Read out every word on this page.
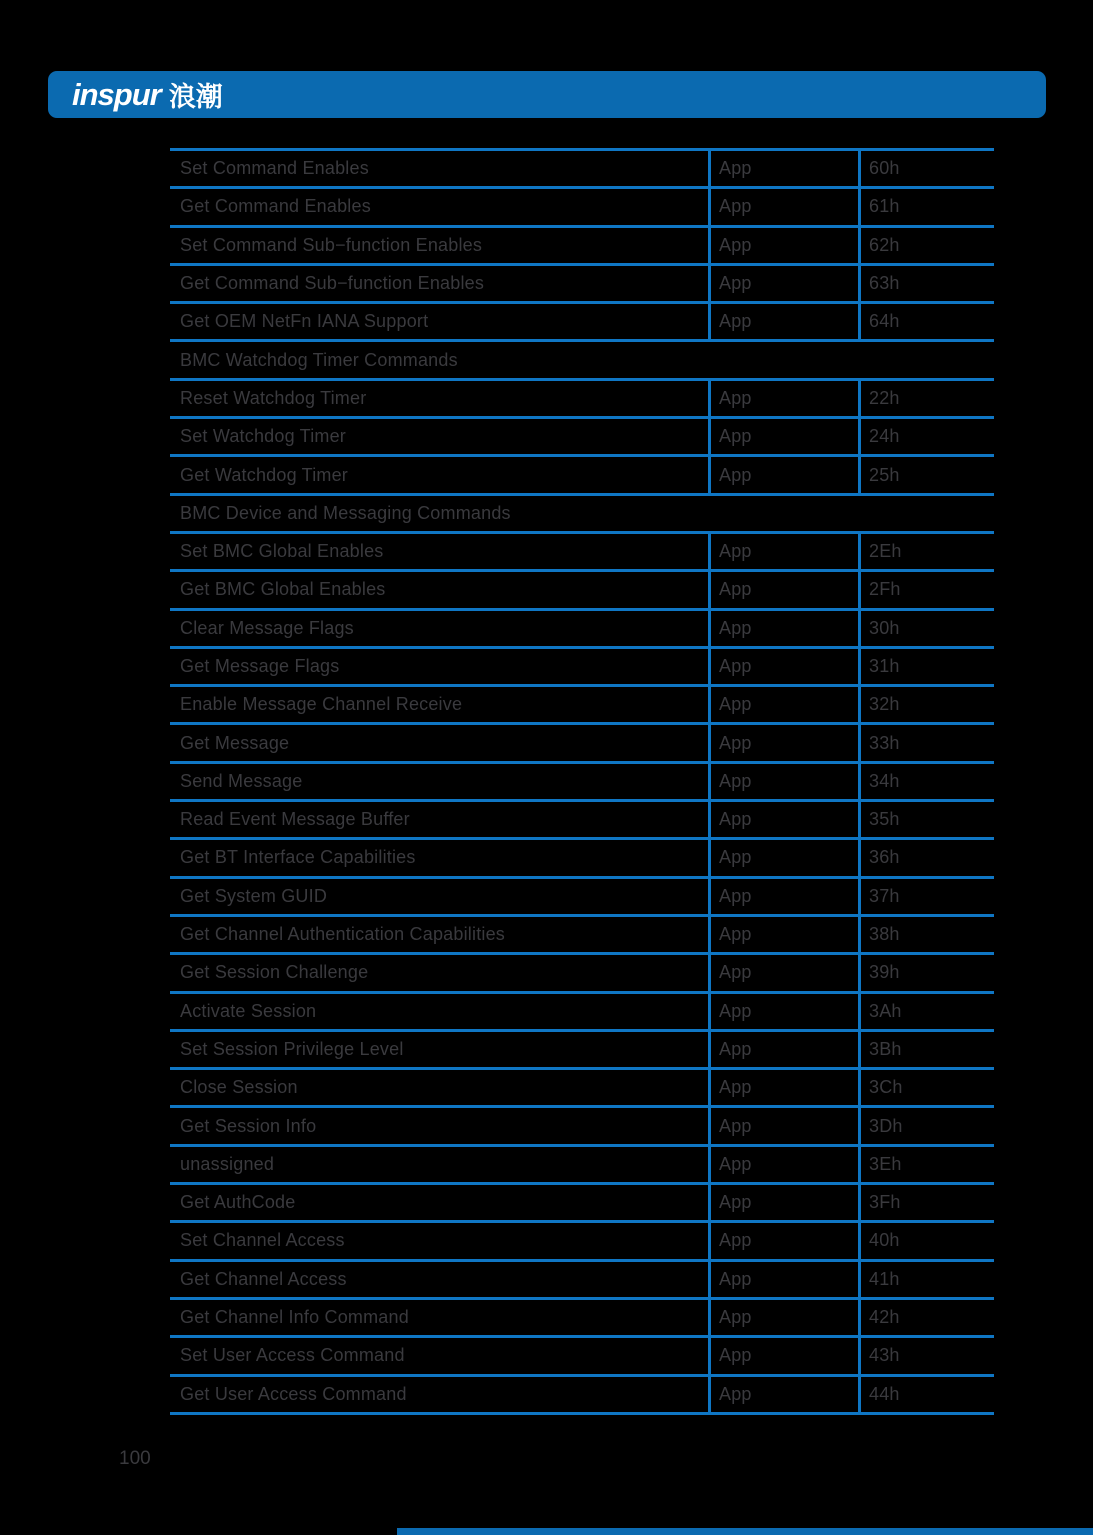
inspur 浪潮
Set Command Enables	App	60h
Get Command Enables	App	61h
Set Command Sub−function Enables	App	62h
Get Command Sub−function Enables	App	63h
Get OEM NetFn IANA Support	App	64h
BMC Watchdog Timer Commands
Reset Watchdog Timer	App	22h
Set Watchdog Timer	App	24h
Get Watchdog Timer	App	25h
BMC Device and Messaging Commands
Set BMC Global Enables	App	2Eh
Get BMC Global Enables	App	2Fh
Clear Message Flags	App	30h
Get Message Flags	App	31h
Enable Message Channel Receive	App	32h
Get Message	App	33h
Send Message	App	34h
Read Event Message Buffer	App	35h
Get BT Interface Capabilities	App	36h
Get System GUID	App	37h
Get Channel Authentication Capabilities	App	38h
Get Session Challenge	App	39h
Activate Session	App	3Ah
Set Session Privilege Level	App	3Bh
Close Session	App	3Ch
Get Session Info	App	3Dh
unassigned	App	3Eh
Get AuthCode	App	3Fh
Set Channel Access	App	40h
Get Channel Access	App	41h
Get Channel Info Command	App	42h
Set User Access Command	App	43h
Get User Access Command	App	44h
100
